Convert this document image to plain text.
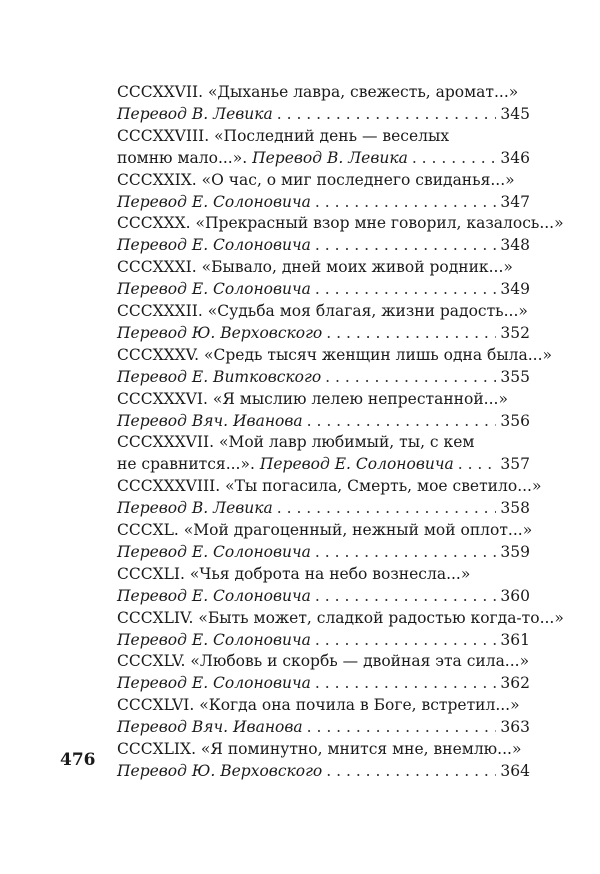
CCCXXVII. «Дыханье лавра, свежесть, аромат...»
Перевод В. Левика . . .	345
CCCXXVIII. «Последний день — веселых
помню мало...».
Перевод В. Левика . . .	346
CCCXXIX. «О час, о миг последнего свиданья...»
Перевод Е. Солоновича . . .	347
CCCXXX. «Прекрасный взор мне говорил, казалось...»
Перевод Е. Солоновича . . .	348
CCCXXXI. «Бывало, дней моих живой родник...»
Перевод Е. Солоновича . . .	349
CCCXXXII. «Судьба моя благая, жизни радость...»
Перевод Ю. Верховского . . .	352
CCCXXXV. «Средь тысяч женщин лишь одна была...»
Перевод Е. Витковского . . .	355
CCCXXXVI. «Я мыслию лелею непрестанной...»
Перевод Вяч. Иванова . . .	356
CCCXXXVII. «Мой лавр любимый, ты, с кем
не сравнится...».
Перевод Е. Солоновича . . .	357
CCCXXXVIII. «Ты погасила, Смерть, мое светило...»
Перевод В. Левика . . .	358
CCCXL. «Мой драгоценный, нежный мой оплот...»
Перевод Е. Солоновича . . .	359
CCCXLI. «Чья доброта на небо вознесла...»
Перевод Е. Солоновича . . .	360
CCCXLIV. «Быть может, сладкой радостью когда-то...»
Перевод Е. Солоновича . . .	361
CCCXLV. «Любовь и скорбь — двойная эта сила...»
Перевод Е. Солоновича . . .	362
CCCXLVI. «Когда она почила в Боге, встретил...»
Перевод Вяч. Иванова . . .	363
CCCXLIX. «Я поминутно, мнится мне, внемлю...»
Перевод Ю. Верховского . . .	364
476
